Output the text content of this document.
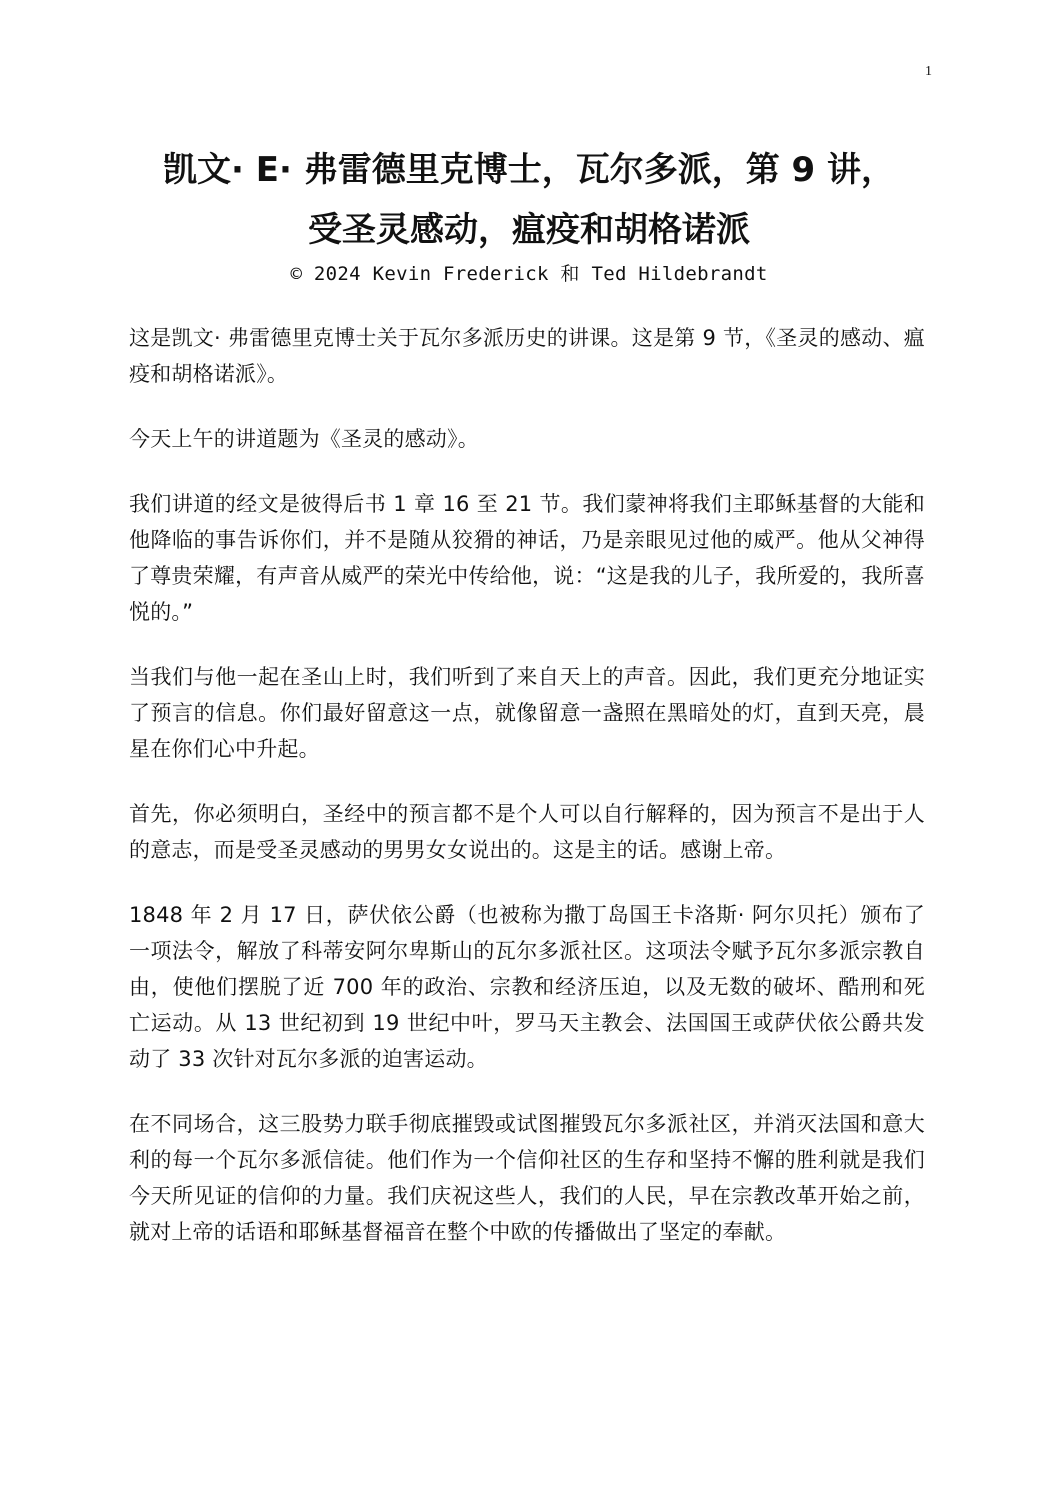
1
凯文· E· 弗雷德里克博士，瓦尔多派，第 9 讲，
受圣灵感动，瘟疫和胡格诺派
© 2024 Kevin Frederick 和 Ted Hildebrandt

这是凯文· 弗雷德里克博士关于瓦尔多派历史的讲课。这是第 9 节，《圣灵的感动、瘟疫和胡格诺派》。

今天上午的讲道题为《圣灵的感动》。

我们讲道的经文是彼得后书 1 章 16 至 21 节。我们蒙神将我们主耶稣基督的大能和他降临的事告诉你们，并不是随从狡猾的神话，乃是亲眼见过他的威严。他从父神得了尊贵荣耀，有声音从威严的荣光中传给他，说：“这是我的儿子，我所爱的，我所喜悦的。”

当我们与他一起在圣山上时，我们听到了来自天上的声音。因此，我们更充分地证实了预言的信息。你们最好留意这一点，就像留意一盏照在黑暗处的灯，直到天亮，晨星在你们心中升起。

首先，你必须明白，圣经中的预言都不是个人可以自行解释的，因为预言不是出于人的意志，而是受圣灵感动的男男女女说出的。这是主的话。感谢上帝。

1848 年 2 月 17 日，萨伏依公爵（也被称为撒丁岛国王卡洛斯· 阿尔贝托）颁布了一项法令，解放了科蒂安阿尔卑斯山的瓦尔多派社区。这项法令赋予瓦尔多派宗教自由，使他们摆脱了近 700 年的政治、宗教和经济压迫，以及无数的破坏、酷刑和死亡运动。从 13 世纪初到 19 世纪中叶，罗马天主教会、法国国王或萨伏依公爵共发动了 33 次针对瓦尔多派的迫害运动。

在不同场合，这三股势力联手彻底摧毁或试图摧毁瓦尔多派社区，并消灭法国和意大利的每一个瓦尔多派信徒。他们作为一个信仰社区的生存和坚持不懈的胜利就是我们今天所见证的信仰的力量。我们庆祝这些人，我们的人民，早在宗教改革开始之前，就对上帝的话语和耶稣基督福音在整个中欧的传播做出了坚定的奉献。
